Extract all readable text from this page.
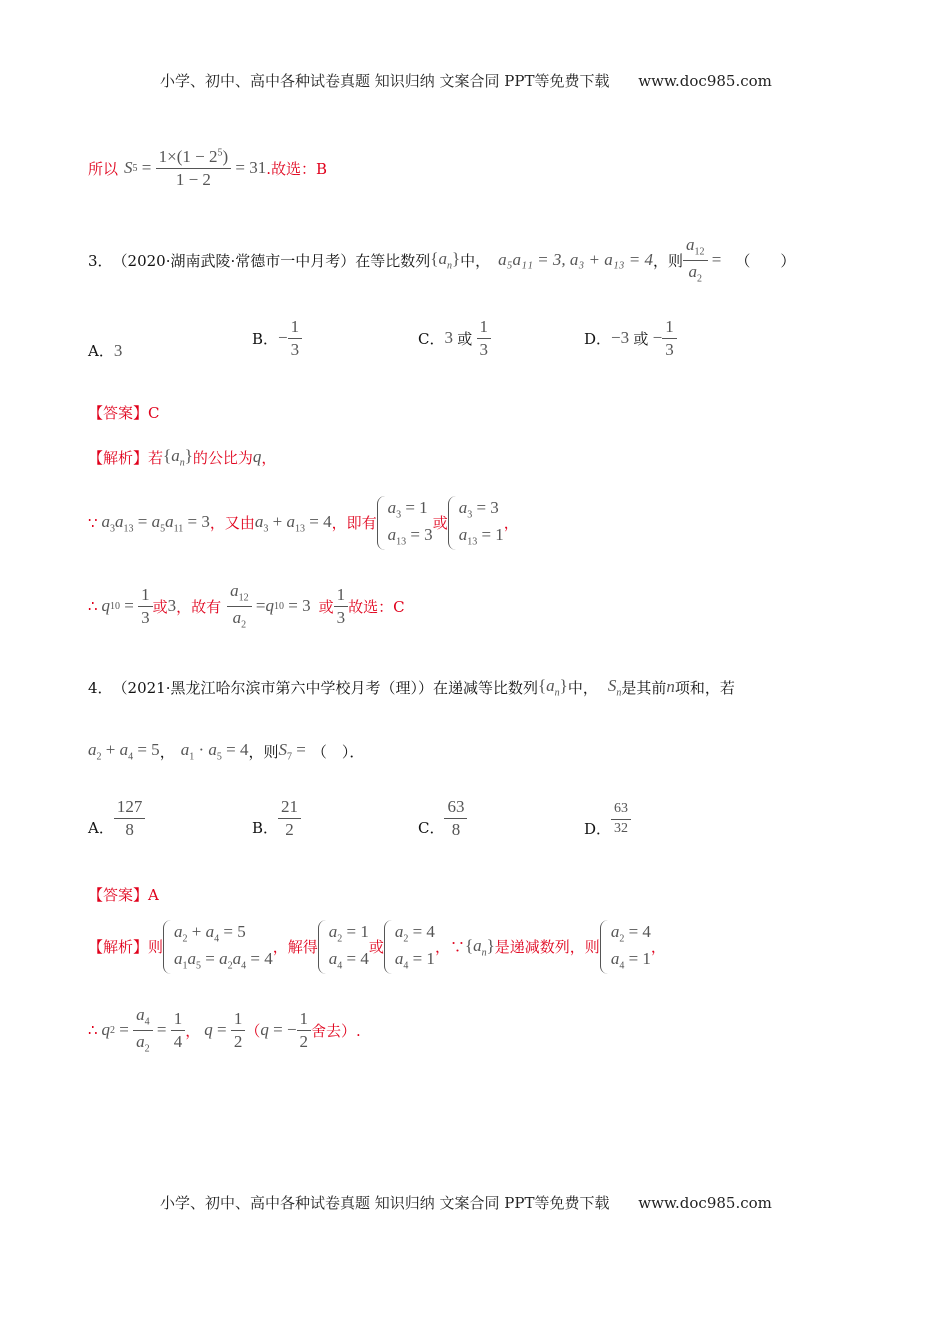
小学、初中、高中各种试卷真题 知识归纳 文案合同 PPT等免费下载 www.doc985.com
所以 S $5 = \frac{1\times(1 - 2^5)}{1 - 2}$
= 31 .故选：B
3． （2020·湖南武陵·常德市一中月考）在等比数列 $\{a_n\}$ 中， a₅a₁₁ = 3, a₃ + a₁₃ = 4 ，则 $\frac{a_{12}}{a_2}$ = （　　）
A．3
B． − $\frac{1}{3}$	C． 3 或
$\frac{1}{3}$	D． −3 或 − $\frac{1}{3}$
【答案】C
【解析】 若 $\{a_n\}$ 的公比为 q ，
∵ $a_3a_{13} = a_5a_{11} = 3$ ，又由 $a_3 + a_{13} = 4$ ，即有
$a_3 = 1$
$a_{13} = 3$
或
$a_3 = 3$
$a_{13} = 1$
，
∴ q $10 = \frac{1}{3}$ 或 3 ，故有 $\frac{a_{12}}{a_2} = q$ 10 = 3 或 $\frac{1}{3}$ 故选：C
4． （2021·黑龙江哈尔滨市第六中学校月考（理））在递减等比数列 $\{a_n\}$ 中， $S_n$ 是其前 n 项和，若
$a_2 + a_4 = 5$ ， $a_1 \cdot a_5 = 4$ ，则 $S_7$ = （　）．
A． $\frac{127}{8}$	B． $\frac{21}{2}$	C． $\frac{63}{8}$	D． $\frac{63}{32}$
【答案】A
【解析】 则
$a_2 + a_4 = 5$
$a_1a_5 = a_2a_4 = 4$
，解得
$a_2 = 1$
$a_4 = 4$
或
$a_2 = 4$
$a_4 = 1$
，∵ $\{a_n\}$ 是递减数列，则
$a_2 = 4$
$a_4 = 1$
，
∴ q $2 = \frac{a_4}{a_2} = \frac{1}{4}$ ， $q = \frac{1}{2}$ （ q = − $\frac{1}{2}$ 舍去）.
小学、初中、高中各种试卷真题 知识归纳 文案合同 PPT等免费下载 www.doc985.com
